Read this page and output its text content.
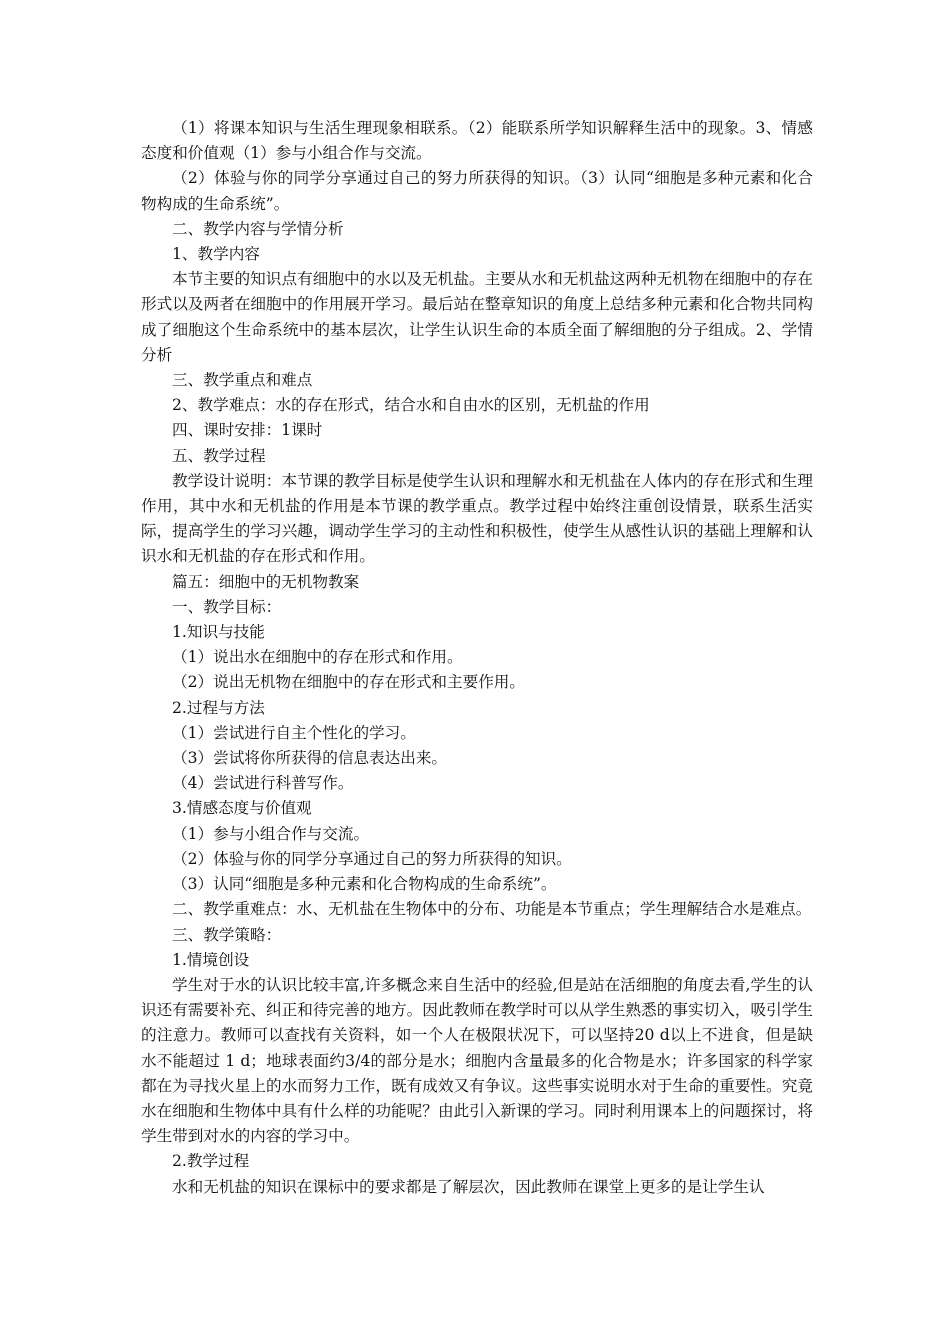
（1）将课本知识与生活生理现象相联系。（2）能联系所学知识解释生活中的现象。3、情感态度和价值观（1）参与小组合作与交流。

（2）体验与你的同学分享通过自己的努力所获得的知识。（3）认同“细胞是多种元素和化合物构成的生命系统”。

二、教学内容与学情分析

1、教学内容

本节主要的知识点有细胞中的水以及无机盐。主要从水和无机盐这两种无机物在细胞中的存在形式以及两者在细胞中的作用展开学习。最后站在整章知识的角度上总结多种元素和化合物共同构成了细胞这个生命系统中的基本层次，让学生认识生命的本质全面了解细胞的分子组成。2、学情分析

三、教学重点和难点

2、教学难点：水的存在形式，结合水和自由水的区别，无机盐的作用

四、课时安排：1课时

五、教学过程

教学设计说明：本节课的教学目标是使学生认识和理解水和无机盐在人体内的存在形式和生理作用，其中水和无机盐的作用是本节课的教学重点。教学过程中始终注重创设情景，联系生活实际，提高学生的学习兴趣，调动学生学习的主动性和积极性，使学生从感性认识的基础上理解和认识水和无机盐的存在形式和作用。

篇五：细胞中的无机物教案

一、教学目标：

1.知识与技能

（1）说出水在细胞中的存在形式和作用。

（2）说出无机物在细胞中的存在形式和主要作用。

2.过程与方法

（1）尝试进行自主个性化的学习。

（3）尝试将你所获得的信息表达出来。

（4）尝试进行科普写作。

3.情感态度与价值观

（1）参与小组合作与交流。

（2）体验与你的同学分享通过自己的努力所获得的知识。

（3）认同“细胞是多种元素和化合物构成的生命系统”。

二、教学重难点：水、无机盐在生物体中的分布、功能是本节重点；学生理解结合水是难点。

三、教学策略：

1.情境创设

学生对于水的认识比较丰富,许多概念来自生活中的经验,但是站在活细胞的角度去看,学生的认识还有需要补充、纠正和待完善的地方。因此教师在教学时可以从学生熟悉的事实切入，吸引学生的注意力。教师可以查找有关资料，如一个人在极限状况下，可以坚持20 d以上不进食，但是缺水不能超过 1 d；地球表面约3/4的部分是水；细胞内含量最多的化合物是水；许多国家的科学家都在为寻找火星上的水而努力工作，既有成效又有争议。这些事实说明水对于生命的重要性。究竟水在细胞和生物体中具有什么样的功能呢？由此引入新课的学习。同时利用课本上的问题探讨，将学生带到对水的内容的学习中。

2.教学过程

水和无机盐的知识在课标中的要求都是了解层次，因此教师在课堂上更多的是让学生认
